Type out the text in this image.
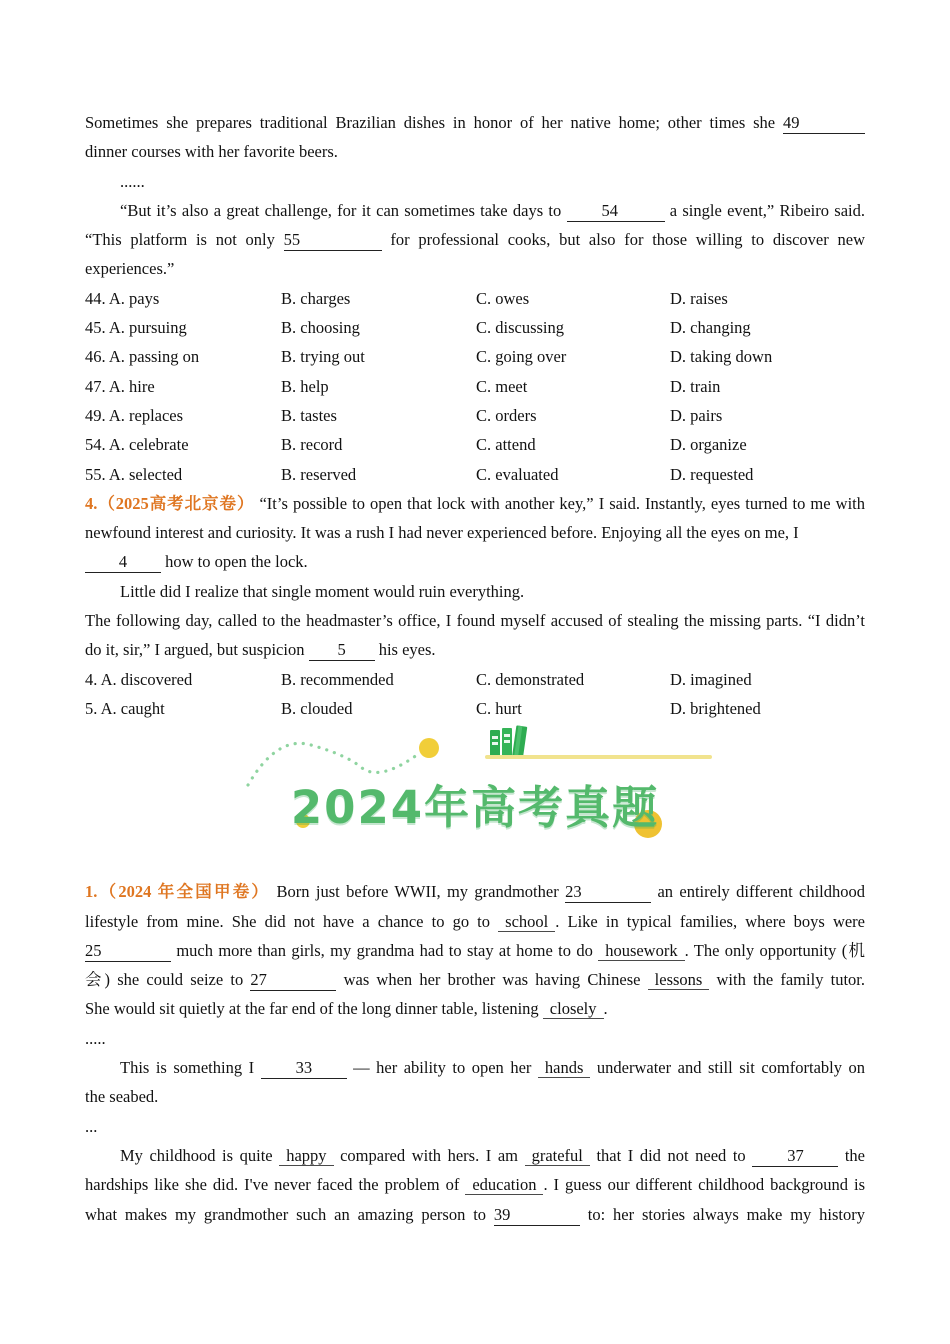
Sometimes she prepares traditional Brazilian dishes in honor of her native home; other times she 49
dinner courses with her favorite beers.
......
“But it’s also a great challenge, for it can sometimes take days to 54	a single event,” Ribeiro said.
“This platform is not only 55	for professional cooks, but also for those willing to discover new
experiences.”
44. A. pays	B. charges	C. owes	D. raises
45. A. pursuing	B. choosing	C. discussing	D. changing
46. A. passing on	B. trying out	C. going over	D. taking down
47. A. hire	B. help	C. meet	D. train
49. A. replaces	B. tastes	C. orders	D. pairs
54. A. celebrate	B. record	C. attend	D. organize
55. A. selected	B. reserved	C. evaluated	D. requested
4.（2025高考北京卷） “It’s possible to open that lock with another key,” I said. Instantly, eyes turned to me with
newfound interest and curiosity. It was a rush I had never experienced before. Enjoying all the eyes on me, I
4 how to open the lock.
Little did I realize that single moment would ruin everything.
The following day, called to the headmaster’s office, I found myself accused of stealing the missing parts. “I didn’t
do it, sir,” I argued, but suspicion 5 his eyes.
4. A. discovered	B. recommended	C. demonstrated	D. imagined
5. A. caught	B. clouded	C. hurt	D. brightened
2024年高考真题
1.（2024 年全国甲卷） Born just before WWII, my grandmother 23	an entirely different childhood
lifestyle from mine. She did not have a chance to go to school . Like in typical families, where boys were
25	much more than girls, my grandma had to stay at home to do housework . The only opportunity (机
会) she could seize to 27	was when her brother was having Chinese lessons with the family tutor.
She would sit quietly at the far end of the long dinner table, listening closely .
.....
This is something I 33 — her ability to open her hands underwater and still sit comfortably on
the seabed.
...
My childhood is quite happy compared with hers. I am grateful that I did not need to 37 the
hardships like she did. I've never faced the problem of education . I guess our different childhood background is
what makes my grandmother such an amazing person to 39	to: her stories always make my history
